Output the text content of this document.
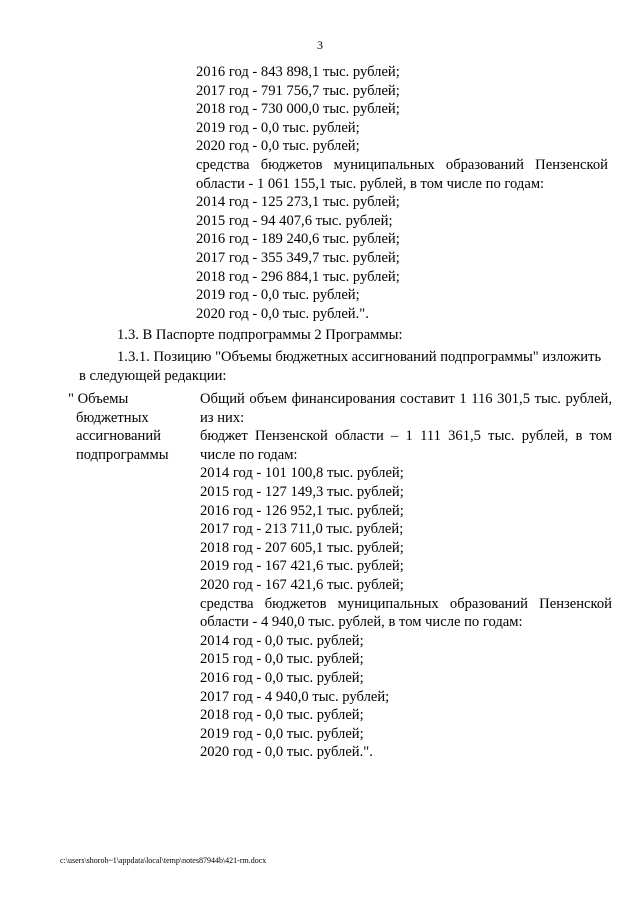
3
2016 год - 843 898,1 тыс. рублей;
2017 год - 791 756,7 тыс. рублей;
2018 год - 730 000,0 тыс. рублей;
2019 год - 0,0 тыс. рублей;
2020 год - 0,0 тыс. рублей;
средства бюджетов муниципальных образований Пензенской
области - 1 061 155,1 тыс. рублей, в том числе по годам:
2014 год - 125 273,1 тыс. рублей;
2015 год - 94 407,6 тыс. рублей;
2016 год - 189 240,6 тыс. рублей;
2017 год - 355 349,7 тыс. рублей;
2018 год - 296 884,1 тыс. рублей;
2019 год - 0,0 тыс. рублей;
2020 год - 0,0 тыс. рублей.".
1.3. В Паспорте подпрограммы 2 Программы:
1.3.1. Позицию "Объемы бюджетных ассигнований подпрограммы" изложить
в следующей редакции:
" Объемы
бюджетных
ассигнований
подпрограммы
Общий объем финансирования составит 1 116 301,5 тыс. рублей,
из них:
бюджет Пензенской области – 1 111 361,5 тыс. рублей, в том
числе по годам:
2014 год - 101 100,8 тыс. рублей;
2015 год - 127 149,3 тыс. рублей;
2016 год - 126 952,1 тыс. рублей;
2017 год - 213 711,0 тыс. рублей;
2018 год - 207 605,1 тыс. рублей;
2019 год - 167 421,6 тыс. рублей;
2020 год - 167 421,6 тыс. рублей;
средства бюджетов муниципальных образований Пензенской
области - 4 940,0 тыс. рублей, в том числе по годам:
2014 год - 0,0 тыс. рублей;
2015 год - 0,0 тыс. рублей;
2016 год - 0,0 тыс. рублей;
2017 год - 4 940,0 тыс. рублей;
2018 год - 0,0 тыс. рублей;
2019 год - 0,0 тыс. рублей;
2020 год - 0,0 тыс. рублей.".
c:\users\shorob~1\appdata\local\temp\notes87944b\421-rm.docx
